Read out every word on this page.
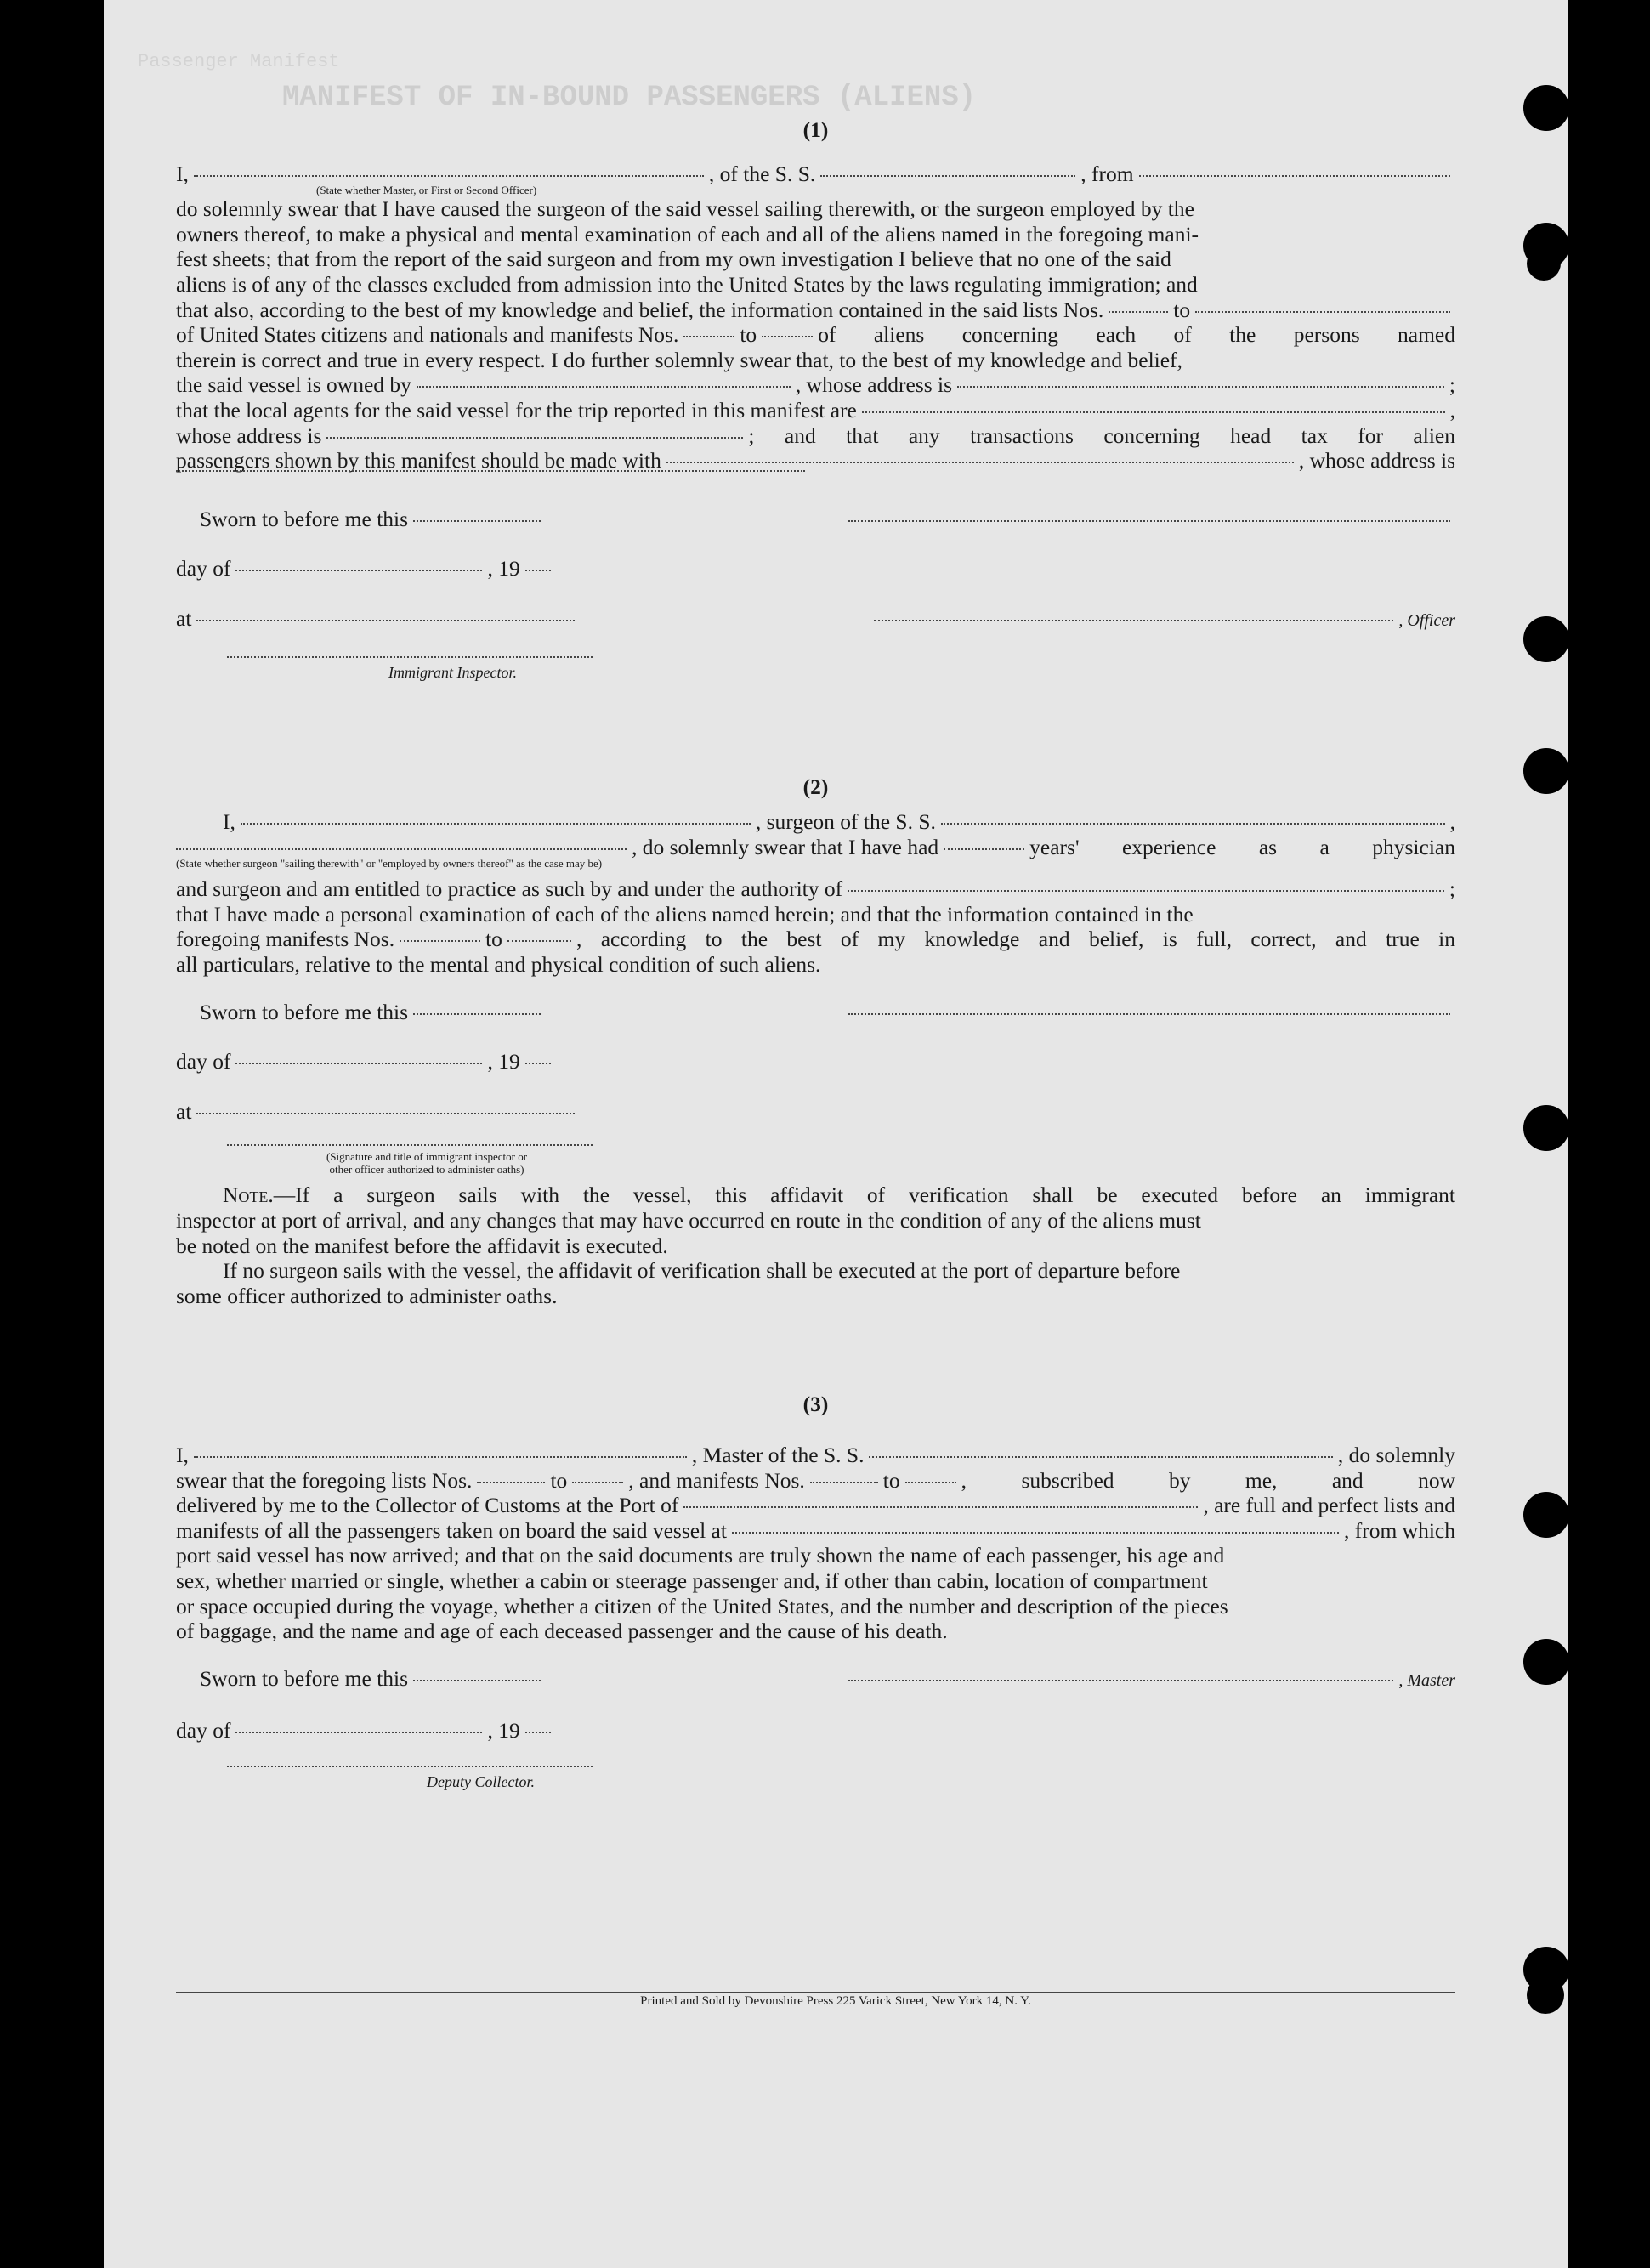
MANIFEST OF IN-BOUND PASSENGERS (ALIENS)
Passenger Manifest
(1)
I,	, of the S. S.	, from
(State whether Master, or First or Second Officer)
do solemnly swear that I have caused the surgeon of the said vessel sailing therewith, or the surgeon employed by the
owners thereof, to make a physical and mental examination of each and all of the aliens named in the foregoing mani-
fest sheets; that from the report of the said surgeon and from my own investigation I believe that no one of the said
aliens is of any of the classes excluded from admission into the United States by the laws regulating immigration; and
that also, according to the best of my knowledge and belief, the information contained in the said lists Nos.	to
of United States citizens and nationals and manifests Nos.	to	of aliens concerning each of the persons named
therein is correct and true in every respect. I do further solemnly swear that, to the best of my knowledge and belief,
the said vessel is owned by	, whose address is	;
that the local agents for the said vessel for the trip reported in this manifest are	,
whose address is	; and that any transactions concerning head tax for alien
passengers shown by this manifest should be made with	, whose address is
Sworn to before me this
day of	, 19
at	, Officer
Immigrant Inspector.
(2)
I,	, surgeon of the S. S.	,
, do solemnly swear that I have had	years' experience as a physician
(State whether surgeon "sailing therewith" or "employed by owners thereof" as the case may be)
and surgeon and am entitled to practice as such by and under the authority of	;
that I have made a personal examination of each of the aliens named herein; and that the information contained in the
foregoing manifests Nos.	to	, according to the best of my knowledge and belief, is full, correct, and true in
all particulars, relative to the mental and physical condition of such aliens.
Sworn to before me this
day of	, 19
at
(Signature and title of immigrant inspector or
other officer authorized to administer oaths)
Note. —If a surgeon sails with the vessel, this affidavit of verification shall be executed before an immigrant
inspector at port of arrival, and any changes that may have occurred en route in the condition of any of the aliens must
be noted on the manifest before the affidavit is executed.
If no surgeon sails with the vessel, the affidavit of verification shall be executed at the port of departure before
some officer authorized to administer oaths.
(3)
I,	, Master of the S. S.	, do solemnly
swear that the foregoing lists Nos.	to	, and manifests Nos.	to	, subscribed by me, and now
delivered by me to the Collector of Customs at the Port of	, are full and perfect lists and
manifests of all the passengers taken on board the said vessel at	, from which
port said vessel has now arrived; and that on the said documents are truly shown the name of each passenger, his age and
sex, whether married or single, whether a cabin or steerage passenger and, if other than cabin, location of compartment
or space occupied during the voyage, whether a citizen of the United States, and the number and description of the pieces
of baggage, and the name and age of each deceased passenger and the cause of his death.
Sworn to before me this	, Master
day of	, 19
Deputy Collector.
Printed and Sold by Devonshire Press 225 Varick Street, New York 14, N. Y.
